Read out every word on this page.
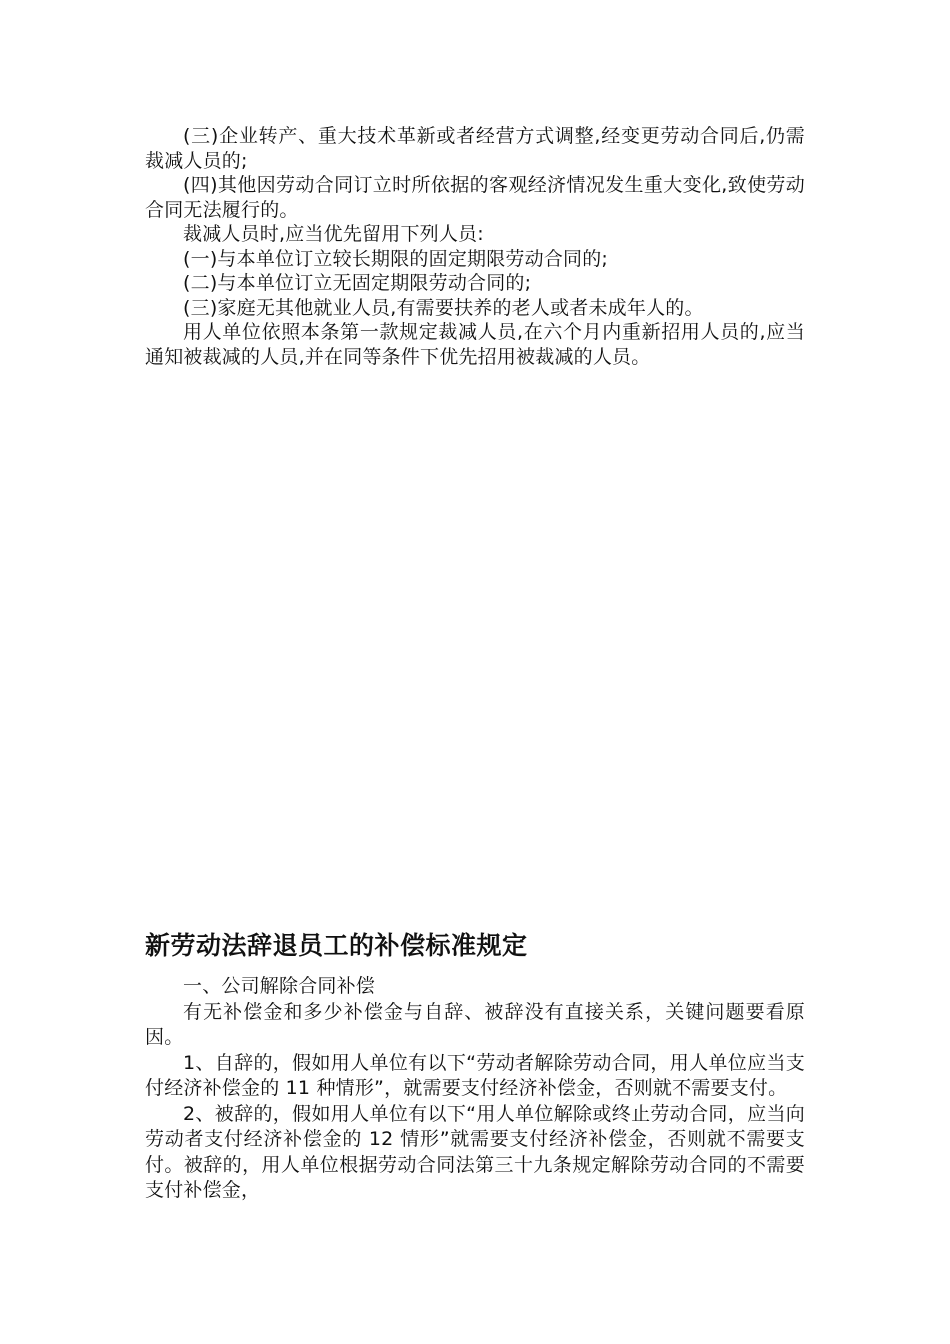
(三)企业转产、重大技术革新或者经营方式调整,经变更劳动合同后,仍需裁减人员的;

(四)其他因劳动合同订立时所依据的客观经济情况发生重大变化,致使劳动合同无法履行的。

裁减人员时,应当优先留用下列人员:

(一)与本单位订立较长期限的固定期限劳动合同的;

(二)与本单位订立无固定期限劳动合同的;

(三)家庭无其他就业人员,有需要扶养的老人或者未成年人的。

用人单位依照本条第一款规定裁减人员,在六个月内重新招用人员的,应当通知被裁减的人员,并在同等条件下优先招用被裁减的人员。

新劳动法辞退员工的补偿标准规定

一、公司解除合同补偿

有无补偿金和多少补偿金与自辞、被辞没有直接关系，关键问题要看原因。

1、自辞的，假如用人单位有以下“劳动者解除劳动合同，用人单位应当支付经济补偿金的 11 种情形”，就需要支付经济补偿金，否则就不需要支付。

2、被辞的，假如用人单位有以下“用人单位解除或终止劳动合同，应当向劳动者支付经济补偿金的 12 情形”就需要支付经济补偿金，否则就不需要支付。被辞的，用人单位根据劳动合同法第三十九条规定解除劳动合同的不需要支付补偿金，
